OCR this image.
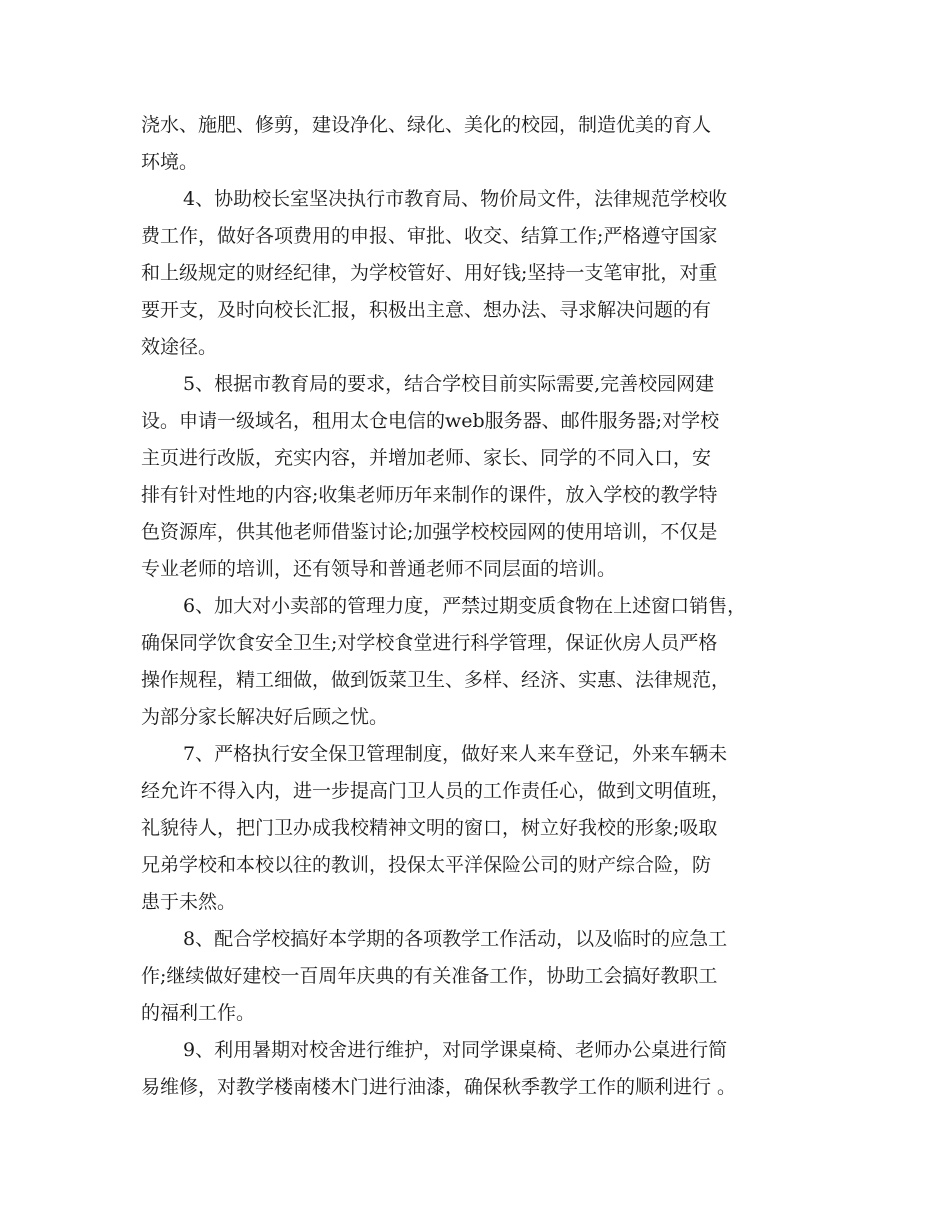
浇水、施肥、修剪，建设净化、绿化、美化的校园，制造优美的育人
环境。
4、协助校长室坚决执行市教育局、物价局文件，法律规范学校收
费工作，做好各项费用的申报、审批、收交、结算工作;严格遵守国家
和上级规定的财经纪律，为学校管好、用好钱;坚持一支笔审批，对重
要开支，及时向校长汇报，积极出主意、想办法、寻求解决问题的有
效途径。
5、根据市教育局的要求，结合学校目前实际需要,完善校园网建
设。申请一级域名，租用太仓电信的web服务器、邮件服务器;对学校
主页进行改版，充实内容，并增加老师、家长、同学的不同入口，安
排有针对性地的内容;收集老师历年来制作的课件，放入学校的教学特
色资源库，供其他老师借鉴讨论;加强学校校园网的使用培训，不仅是
专业老师的培训，还有领导和普通老师不同层面的培训。
6、加大对小卖部的管理力度，严禁过期变质食物在上述窗口销售，
确保同学饮食安全卫生;对学校食堂进行科学管理，保证伙房人员严格
操作规程，精工细做，做到饭菜卫生、多样、经济、实惠、法律规范，
为部分家长解决好后顾之忧。
7、严格执行安全保卫管理制度，做好来人来车登记，外来车辆未
经允许不得入内，进一步提高门卫人员的工作责任心，做到文明值班，
礼貌待人，把门卫办成我校精神文明的窗口，树立好我校的形象;吸取
兄弟学校和本校以往的教训，投保太平洋保险公司的财产综合险，防
患于未然。
8、配合学校搞好本学期的各项教学工作活动，以及临时的应急工
作;继续做好建校一百周年庆典的有关准备工作，协助工会搞好教职工
的福利工作。
9、利用暑期对校舍进行维护，对同学课桌椅、老师办公桌进行简
易维修，对教学楼南楼木门进行油漆，确保秋季教学工作的顺利进行 。
